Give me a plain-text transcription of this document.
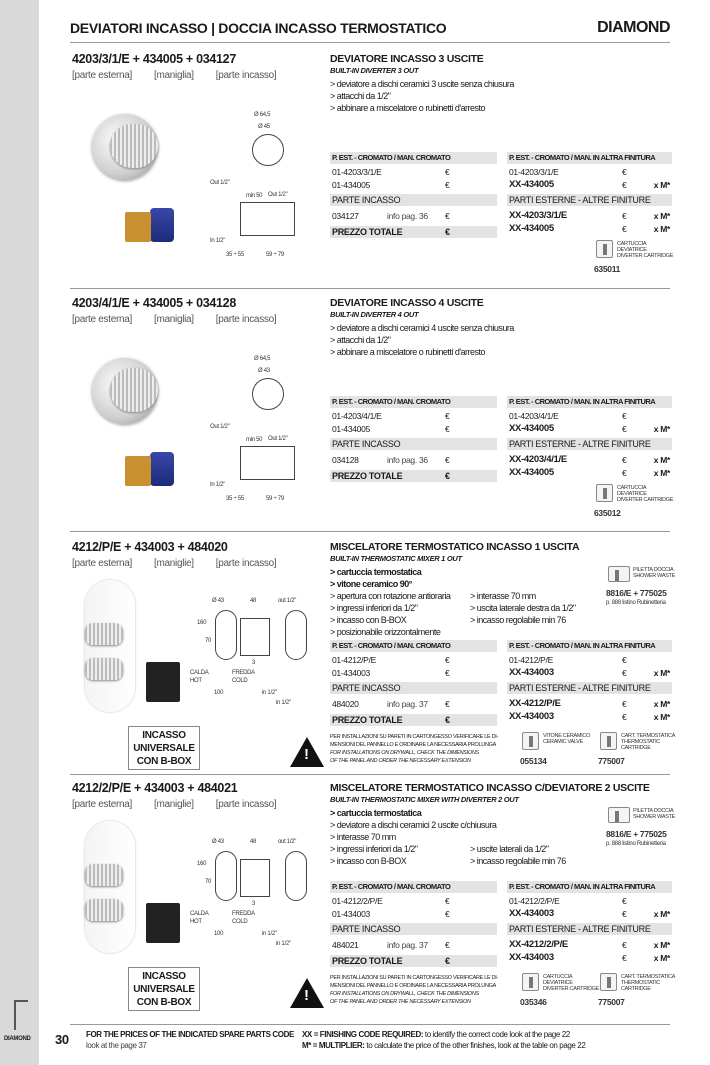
DIAMOND
DEVIATORI INCASSO | DOCCIA INCASSO TERMOSTATICO	DIAMOND
4203/3/1/E + 434005 + 034127
[parte esterna] [maniglia] [parte incasso]
DEVIATORE INCASSO 3 USCITE
BUILT-IN DIVERTER 3 OUT
> deviatore a dischi ceramici 3 uscite senza chiusura
> attacchi da 1/2"
> abbinare a miscelatore o rubinetti d'arresto
Ø 64,5
Ø 45
min 50
Out 1/2"
Out 1/2"
In 1/2"
35 ÷ 55	59 ÷ 79
P. EST. - CROMATO / MAN. CROMATO
01-4203/3/1/E	€
01-434005	€
PARTE INCASSO
034127	info pag. 36 €
PREZZO TOTALE	€
P. EST. - CROMATO / MAN. IN ALTRA FINITURA
01-4203/3/1/E	€
XX-434005	€	x M*
PARTI ESTERNE - ALTRE FINITURE
XX-4203/3/1/E	€	x M*
XX-434005	€	x M*
CARTUCCIA
DEVIATRICE
DIVERTER CARTRIDGE
635011
4203/4/1/E + 434005 + 034128
[parte esterna] [maniglia] [parte incasso]
DEVIATORE INCASSO 4 USCITE
BUILT-IN DIVERTER 4 OUT
> deviatore a dischi ceramici 4 uscite senza chiusura
> attacchi da 1/2"
> abbinare a miscelatore o rubinetti d'arresto
Ø 64,5
Ø 43
min 50
Out 1/2"
Out 1/2"
In 1/2"
35 ÷ 55	59 ÷ 79
P. EST. - CROMATO / MAN. CROMATO
01-4203/4/1/E	€
01-434005	€
PARTE INCASSO
034128	info pag. 36 €
PREZZO TOTALE	€
P. EST. - CROMATO / MAN. IN ALTRA FINITURA
01-4203/4/1/E	€
XX-434005	€	x M*
PARTI ESTERNE - ALTRE FINITURE
XX-4203/4/1/E	€	x M*
XX-434005	€	x M*
CARTUCCIA
DEVIATRICE
DIVERTER CARTRIDGE
635012
4212/P/E + 434003 + 484020
[parte esterna] [maniglie] [parte incasso]
MISCELATORE TERMOSTATICO INCASSO 1 USCITA
BUILT-IN THERMOSTATIC MIXER 1 OUT
> cartuccia termostatica
> vitone ceramico 90°
> apertura con rotazione antioraria > interasse 70 mm
> ingressi inferiori da 1/2"	> uscita laterale destra da 1/2"
> incasso con B-BOX	> incasso regolabile min 76
> posizionabile orizzontalmente
Ø 43	48
160
70
CALDA
HOT
FREDDA
COLD
100
3
out 1/2"
in 1/2"
in 1/2"
INCASSO
UNIVERSALE
CON B-BOX
!
PER INSTALLAZIONI SU PARETI IN CARTONGESSO VERIFICARE LE DI-
MENSIONI DEL PANNELLO E ORDINARE LA NECESSARIA PROLUNGA
FOR INSTALLATIONS ON DRYWALL, CHECK THE DIMENSIONS
OF THE PANEL AND ORDER THE NECESSARY EXTENSION
PILETTA DOCCIA
SHOWER WASTE
8816/E + 775025
p. 888 listino Rubinetteria
P. EST. - CROMATO / MAN. CROMATO
01-4212/P/E	€
01-434003	€
PARTE INCASSO
484020	info pag. 37 €
PREZZO TOTALE	€
P. EST. - CROMATO / MAN. IN ALTRA FINITURA
01-4212/P/E	€
XX-434003	€	x M*
PARTI ESTERNE - ALTRE FINITURE
XX-4212/P/E	€	x M*
XX-434003	€	x M*
VITONE CERAMICO
CERAMIC VALVE
055134
CART. TERMOSTATICA
THERMOSTATIC
CARTRIDGE
775007
4212/2/P/E + 434003 + 484021
[parte esterna] [maniglie] [parte incasso]
MISCELATORE TERMOSTATICO INCASSO C/DEVIATORE 2 USCITE
BUILT-IN THERMOSTATIC MIXER WITH DIVERTER 2 OUT
> cartuccia termostatica
> deviatore a dischi ceramici 2 uscite c/chiusura
> interasse 70 mm
> ingressi inferiori da 1/2"	> uscite laterali da 1/2"
> incasso con B-BOX	> incasso regolabile min 76
Ø 43	48
160
70
CALDA
HOT
FREDDA
COLD
100
3
out 1/2"
in 1/2"
in 1/2"
INCASSO
UNIVERSALE
CON B-BOX
!
PER INSTALLAZIONI SU PARETI IN CARTONGESSO VERIFICARE LE DI-
MENSIONI DEL PANNELLO E ORDINARE LA NECESSARIA PROLUNGA
FOR INSTALLATIONS ON DRYWALL, CHECK THE DIMENSIONS
OF THE PANEL AND ORDER THE NECESSARY EXTENSION
PILETTA DOCCIA
SHOWER WASTE
8816/E + 775025
p. 888 listino Rubinetteria
P. EST. - CROMATO / MAN. CROMATO
01-4212/2/P/E	€
01-434003	€
PARTE INCASSO
484021	info pag. 37 €
PREZZO TOTALE	€
P. EST. - CROMATO / MAN. IN ALTRA FINITURA
01-4212/2/P/E	€
XX-434003	€	x M*
PARTI ESTERNE - ALTRE FINITURE
XX-4212/2/P/E	€	x M*
XX-434003	€	x M*
CARTUCCIA
DEVIATRICE
DIVERTER CARTRIDGE
035346
CART. TERMOSTATICA
THERMOSTATIC
CARTRIDGE
775007
30 FOR THE PRICES OF THE INDICATED SPARE PARTS CODE
look at the page 37
XX = FINISHING CODE REQUIRED: to identify the correct code look at the page 22
M* = MULTIPLIER: to calculate the price of the other finishes, look at the table on page 22
